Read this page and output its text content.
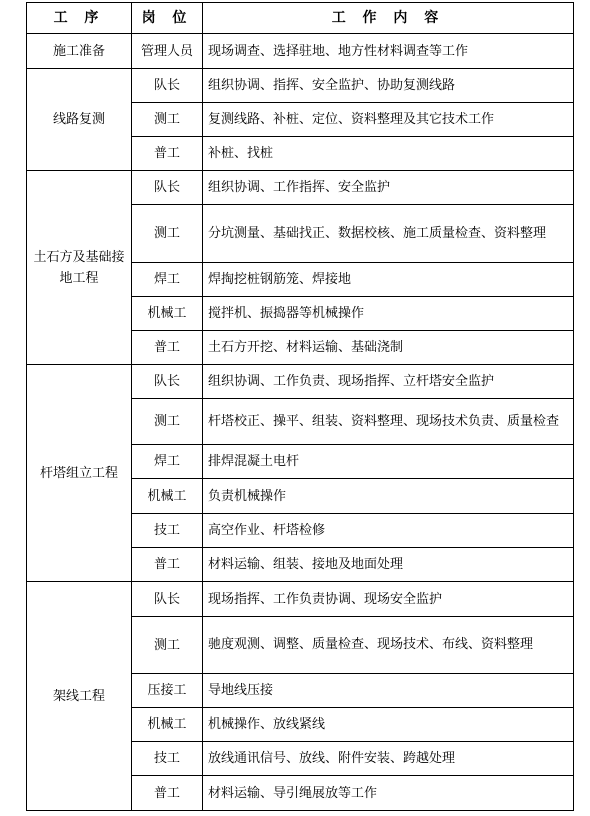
工 序	岗 位	工 作 内 容
施工准备	管理人员	现场调查、选择驻地、地方性材料调查等工作
线路复测	队长	组织协调、指挥、安全监护、协助复测线路
	测工	复测线路、补桩、定位、资料整理及其它技术工作
	普工	补桩、找桩
土石方及基础接地工程	队长	组织协调、工作指挥、安全监护
	测工	分坑测量、基础找正、数据校核、施工质量检查、资料整理
	焊工	焊掏挖桩钢筋笼、焊接地
	机械工	搅拌机、振捣器等机械操作
	普工	土石方开挖、材料运输、基础浇制
杆塔组立工程	队长	组织协调、工作负责、现场指挥、立杆塔安全监护
	测工	杆塔校正、操平、组装、资料整理、现场技术负责、质量检查
	焊工	排焊混凝土电杆
	机械工	负责机械操作
	技工	高空作业、杆塔检修
	普工	材料运输、组装、接地及地面处理
架线工程	队长	现场指挥、工作负责协调、现场安全监护
	测工	驰度观测、调整、质量检查、现场技术、布线、资料整理
	压接工	导地线压接
	机械工	机械操作、放线紧线
	技工	放线通讯信号、放线、附件安装、跨越处理
	普工	材料运输、导引绳展放等工作
